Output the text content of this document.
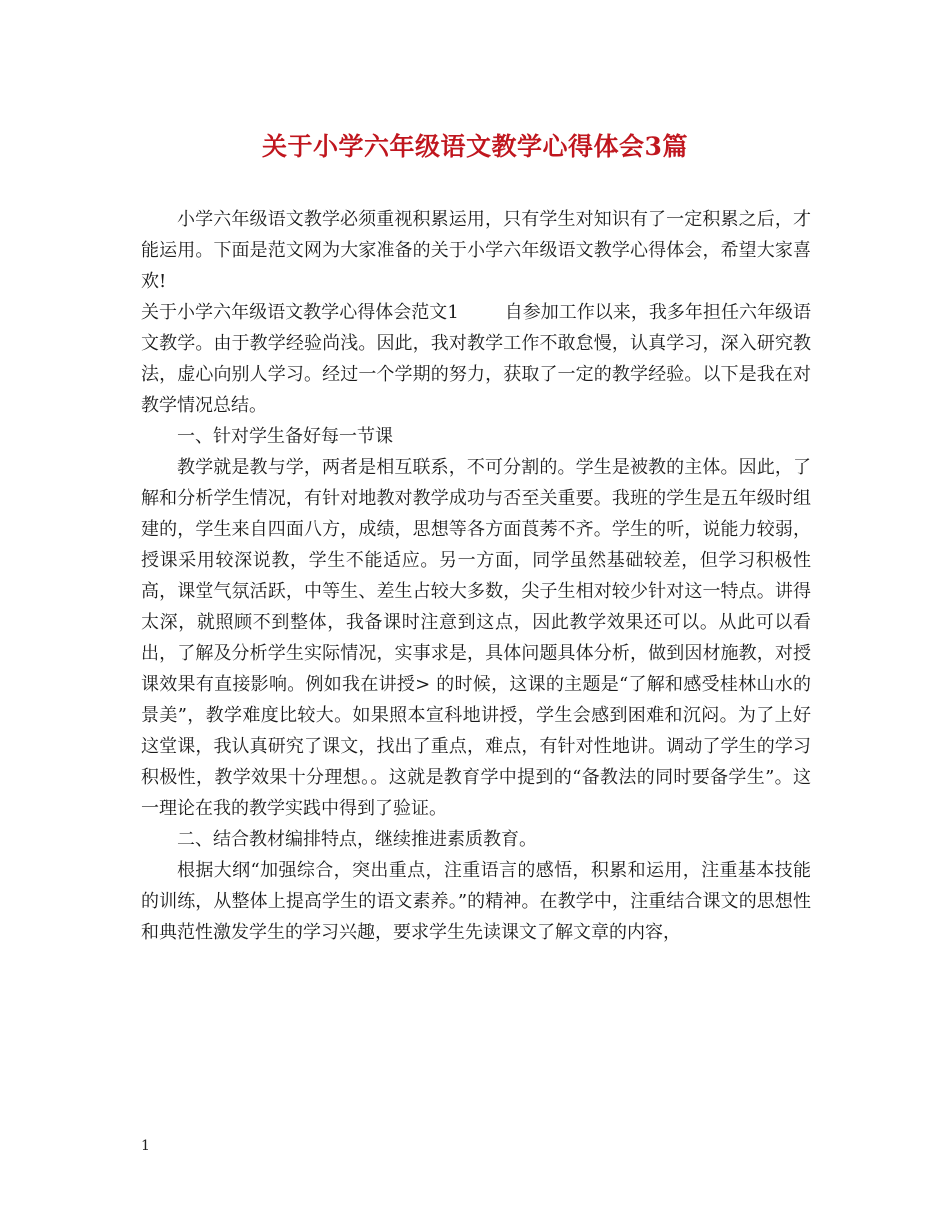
关于小学六年级语文教学心得体会3篇

小学六年级语文教学必须重视积累运用，只有学生对知识有了一定积累之后，才能运用。下面是范文网为大家准备的关于小学六年级语文教学心得体会，希望大家喜欢!

关于小学六年级语文教学心得体会范文1	自参加工作以来，我多年担任六年级语文教学。由于教学经验尚浅。因此，我对教学工作不敢怠慢，认真学习，深入研究教法，虚心向别人学习。经过一个学期的努力，获取了一定的教学经验。以下是我在对教学情况总结。

一、针对学生备好每一节课

教学就是教与学，两者是相互联系，不可分割的。学生是被教的主体。因此，了解和分析学生情况，有针对地教对教学成功与否至关重要。我班的学生是五年级时组建的，学生来自四面八方，成绩，思想等各方面莨莠不齐。学生的听，说能力较弱，授课采用较深说教，学生不能适应。另一方面，同学虽然基础较差，但学习积极性高，课堂气氛活跃，中等生、差生占较大多数，尖子生相对较少针对这一特点。讲得太深，就照顾不到整体，我备课时注意到这点，因此教学效果还可以。从此可以看出，了解及分析学生实际情况，实事求是，具体问题具体分析，做到因材施教，对授课效果有直接影响。例如我在讲授> 的时候，这课的主题是“了解和感受桂林山水的景美”，教学难度比较大。如果照本宣科地讲授，学生会感到困难和沉闷。为了上好这堂课，我认真研究了课文，找出了重点，难点，有针对性地讲。调动了学生的学习积极性，教学效果十分理想。。这就是教育学中提到的“备教法的同时要备学生”。这一理论在我的教学实践中得到了验证。

二、结合教材编排特点，继续推进素质教育。

根据大纲“加强综合，突出重点，注重语言的感悟，积累和运用，注重基本技能的训练，从整体上提高学生的语文素养。”的精神。在教学中，注重结合课文的思想性和典范性激发学生的学习兴趣，要求学生先读课文了解文章的内容，

1
